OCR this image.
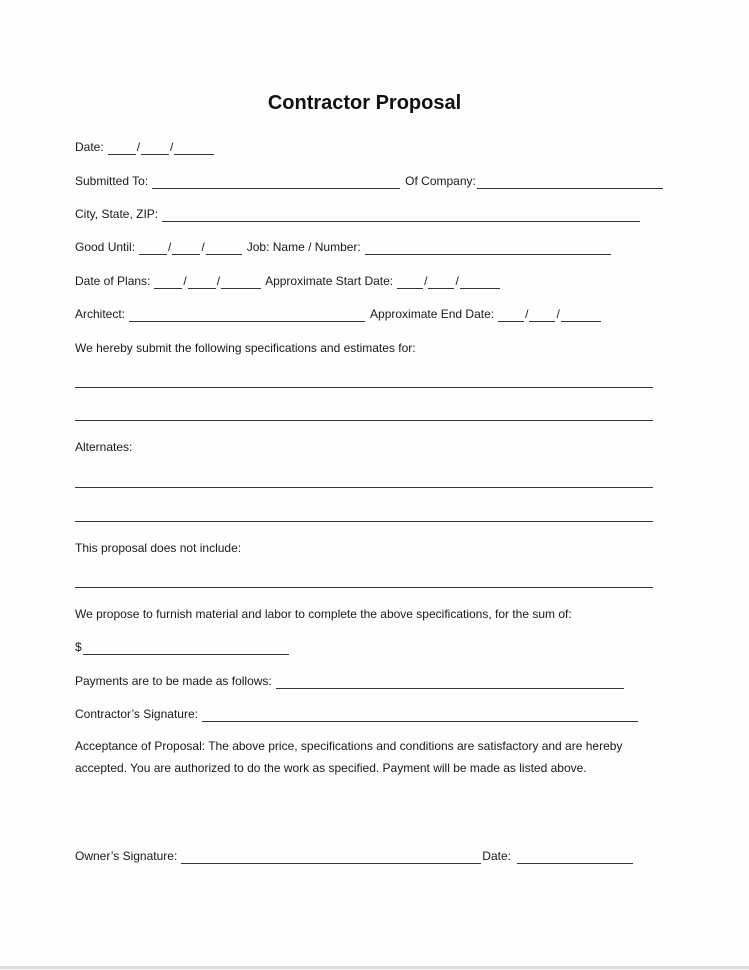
Contractor Proposal
Date:	/	/
Submitted To:	Of Company:
City, State, ZIP:
Good Until:	/	/	Job: Name / Number:
Date of Plans:	/	/	Approximate Start Date:	/ /
Architect:	Approximate End Date:	/ /
We hereby submit the following specifications and estimates for:
Alternates:
This proposal does not include:
We propose to furnish material and labor to complete the above specifications, for the sum of:
$
Payments are to be made as follows:
Contractor’s Signature:
Acceptance of Proposal: The above price, specifications and conditions are satisfactory and are hereby accepted. You are authorized to do the work as specified. Payment will be made as listed above.
Owner’s Signature:	Date:
